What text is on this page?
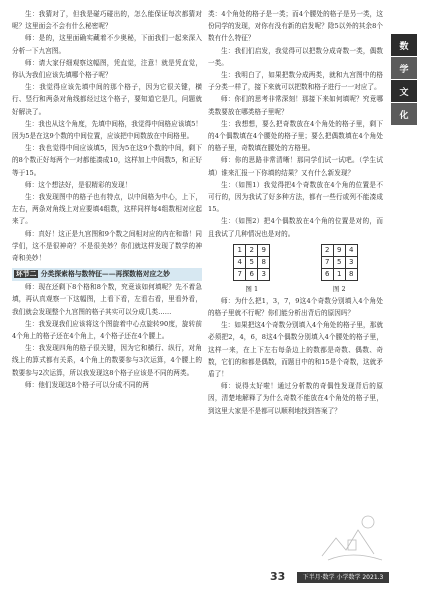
生：我猜对了，但我是碰巧碰出的，怎么能保证每次都猜对呢？这里面会不会有什么秘密呢？

师：是的，这里面确实藏着不少奥秘，下面我们一起来深入分析一下九宫图。

师：请大家仔细观察这幅图，凭直觉，注意！就是凭直觉，你认为我们应该先填哪个格子呢？

生：我觉得应该先填中间的那个格子，因为它很关键，横行、竖行和两条对角线都经过这个格子，要知道它是几，问题就好解决了。

生：我也从这个角度，先填中间格，我觉得中间格应该填5！因为5是在这9个数的中间位置，应该把中间数放在中间格里。

生：我也觉得中间应该填5，因为5在这9个数的中间，剩下的8个数正好每两个一对都能凑成10，这样加上中间数5，和正好等于15。

师：这个想法好，是很精彩的发现！

生：我发现图中的格子也有特点，以中间格为中心，上下，左右，两条对角线上对应要填4组数，这样同样每4组数相对应起来了。

师：真好！这正是九宫图和9个数之间相对应的内在和谐！同学们，这不是很神奇？不是很美妙？你们就这样发现了数学的神奇和美妙！

环节二 分类探索格与数特征——再探数格对应之妙

师：现在还剩下8个格和8个数，究竟该如何填呢？先不着急填，再认真观察一下这幅图，上看下看，左看右看，里看外看，我们就会发现整个九宫图的格子其实可以分成几类……

生：我发现我们应该将这个图旋着中心点旋转90度，旋转前4个角上的格子还在4个角上，4个格子还在4个腰上。

生：我发现四角的格子很关键，因为它和横行、纵行，对角线上的算式都有关系，4个角上的数要参与3次运算，4个腰上的数要参与2次运算，所以我发现这8个格子应该是不同的两类。

师：他们发现这8个格子可以分成不同的两

类：4个角处的格子是一类；而4个腰处的格子是另一类，这份同学的发现，对你有没有新的启发呢？除5以外的其余8个数有什么特征？

生：我们们启发，我觉得可以把数分成奇数一类，偶数一类。

生：我明白了，如果把数分成两类，就和九宫图中的格子分类一样了，接下来就可以把数和格子进行一一对应了。

师：你们的思考非常深刻！那接下来如何填呢？究竟哪类数要放在哪类格子里呢？

生：我想想，要么把奇数放在4个角处的格子里，剩下的4个偶数填在4个腰处的格子里；要么把偶数填在4个角处的格子里，奇数填在腰处的方格里。

师：你的思路非常清晰！那同学们试一试吧。（学生试填）谁来汇报一下你填的结果？又有什么新发现？

生：（如图1）我觉得把4个奇数放在4个角的位置是不可行的，因为我试了好多种方法，都有一些行或列不能凑成15。

生：（如图2）把4个偶数放在4个角的位置是对的，而且我试了几种情况也是对的。

1	2	9
4	5	8
7	6	3
图 1
2	9	4
7	5	3
6	1	8
图 2

师：为什么把1，3，7，9这4个奇数分别填入4个角处的格子里就不行呢？你们能分析出背后的原因吗？

生：如果把这4个奇数分别填入4个角处的格子里，那就必须把2，4，6，8这4个偶数分别填入4个腰处的格子里，这样一来，在上下左右每条边上的数都是奇数、偶数、奇数，它们的和都是偶数，而题目中的和15是个奇数，这就矛盾了！

师：说得太好啦！通过分析数的奇偶性发现背后的原因，清楚地解释了为什么奇数不能放在4个角处的格子里，到这里大家是不是都可以顺利地找到答案了？

数
学
文
化
33	下半月·数学 小学数学 2021.3
